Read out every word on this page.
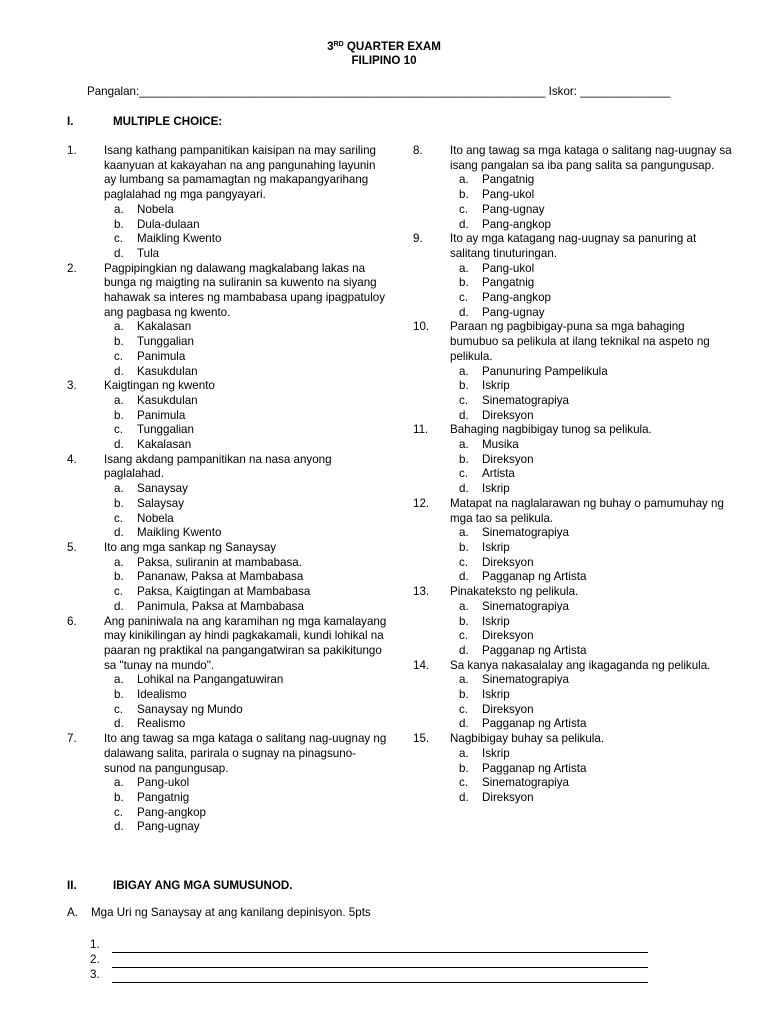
3RD QUARTER EXAM
FILIPINO 10
Pangalan:_______________________________________________________________ Iskor: ______________
I.	MULTIPLE CHOICE:
1.	Isang kathang pampanitikan kaisipan na may sariling kaanyuan at kakayahan na ang pangunahing layunin ay lumbang sa pamamagtan ng makapangyarihang paglalahad ng mga pangyayari.
a.	Nobela
b.	Dula-dulaan
c.	Maikling Kwento
d.	Tula
2.	Pagpipingkian ng dalawang magkalabang lakas na bunga ng maigting na suliranin sa kuwento na siyang hahawak sa interes ng mambabasa upang ipagpatuloy ang pagbasa ng kwento.
a.	Kakalasan
b.	Tunggalian
c.	Panimula
d.	Kasukdulan
3.	Kaigtingan ng kwento
a.	Kasukdulan
b.	Panimula
c.	Tunggalian
d.	Kakalasan
4.	Isang akdang pampanitikan na nasa anyong paglalahad.
a.	Sanaysay
b.	Salaysay
c.	Nobela
d.	Maikling Kwento
5.	Ito ang mga sankap ng Sanaysay
a.	Paksa, suliranin at mambabasa.
b.	Pananaw, Paksa at Mambabasa
c.	Paksa, Kaigtingan at Mambabasa
d.	Panimula, Paksa at Mambabasa
6.	Ang paniniwala na ang karamihan ng mga kamalayang may kinikilingan ay hindi pagkakamali, kundi lohikal na paaran ng praktikal na pangangatwiran sa pakikitungo sa "tunay na mundo".
a.	Lohikal na Pangangatuwiran
b.	Idealismo
c.	Sanaysay ng Mundo
d.	Realismo
7.	Ito ang tawag sa mga kataga o salitang nag-uugnay ng dalawang salita, parirala o sugnay na pinagsuno-sunod na pangungusap.
a.	Pang-ukol
b.	Pangatnig
c.	Pang-angkop
d.	Pang-ugnay
8.	Ito ang tawag sa mga kataga o salitang nag-uugnay sa isang pangalan sa iba pang salita sa pangungusap.
a.	Pangatnig
b.	Pang-ukol
c.	Pang-ugnay
d.	Pang-angkop
9.	Ito ay mga katagang nag-uugnay sa panuring at salitang tinuturingan.
a.	Pang-ukol
b.	Pangatnig
c.	Pang-angkop
d.	Pang-ugnay
10.	Paraan ng pagbibigay-puna sa mga bahaging bumubuo sa pelikula at ilang teknikal na aspeto ng pelikula.
a.	Panunuring Pampelikula
b.	Iskrip
c.	Sinematograpiya
d.	Direksyon
11.	Bahaging nagbibigay tunog sa pelikula.
a.	Musika
b.	Direksyon
c.	Artista
d.	Iskrip
12.	Matapat na naglalarawan ng buhay o pamumuhay ng mga tao sa pelikula.
a.	Sinematograpiya
b.	Iskrip
c.	Direksyon
d.	Pagganap ng Artista
13.	Pinakateksto ng pelikula.
a.	Sinematograpiya
b.	Iskrip
c.	Direksyon
d.	Pagganap ng Artista
14.	Sa kanya nakasalalay ang ikagaganda ng pelikula.
a.	Sinematograpiya
b.	Iskrip
c.	Direksyon
d.	Pagganap ng Artista
15.	Nagbibigay buhay sa pelikula.
a.	Iskrip
b.	Pagganap ng Artista
c.	Sinematograpiya
d.	Direksyon
II.	IBIGAY ANG MGA SUMUSUNOD.
A. Mga Uri ng Sanaysay at ang kanilang depinisyon. 5pts
1.
2.
3.
